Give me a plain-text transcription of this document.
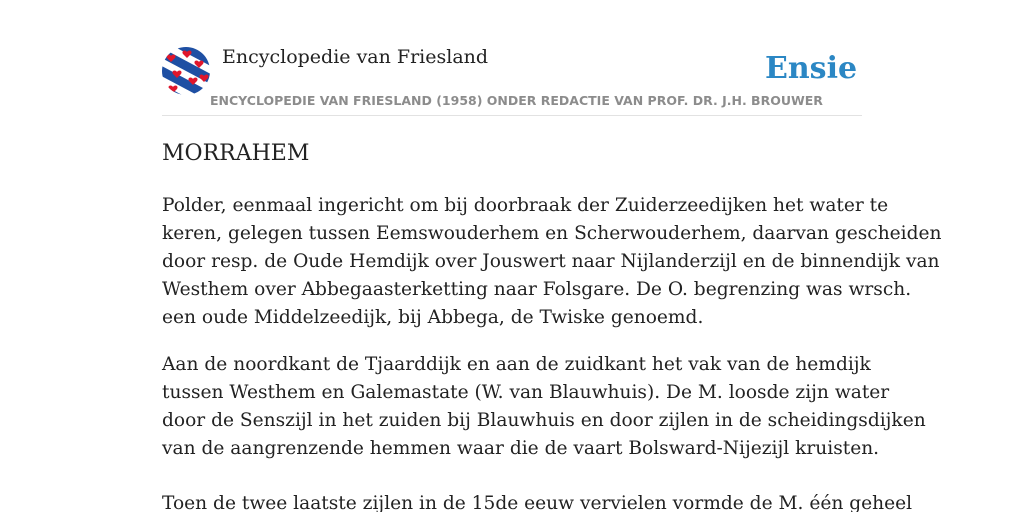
Encyclopedie van Friesland	Ensie
ENCYCLOPEDIE VAN FRIESLAND (1958) ONDER REDACTIE VAN PROF. DR. J.H. BROUWER
MORRAHEM

Polder, eenmaal ingericht om bij doorbraak der Zuiderzeedijken het water te
keren, gelegen tussen Eemswouderhem en Scherwouderhem, daarvan gescheiden
door resp. de Oude Hemdijk over Jouswert naar Nijlanderzijl en de binnendijk van
Westhem over Abbegaasterketting naar Folsgare. De O. begrenzing was wrsch.
een oude Middelzeedijk, bij Abbega, de Twiske genoemd.

Aan de noordkant de Tjaarddijk en aan de zuidkant het vak van de hemdijk
tussen Westhem en Galemastate (W. van Blauwhuis). De M. loosde zijn water
door de Senszijl in het zuiden bij Blauwhuis en door zijlen in de scheidingsdijken
van de aangrenzende hemmen waar die de vaart Bolsward-Nijezijl kruisten.

Toen de twee laatste zijlen in de 15de eeuw vervielen vormde de M. één geheel
